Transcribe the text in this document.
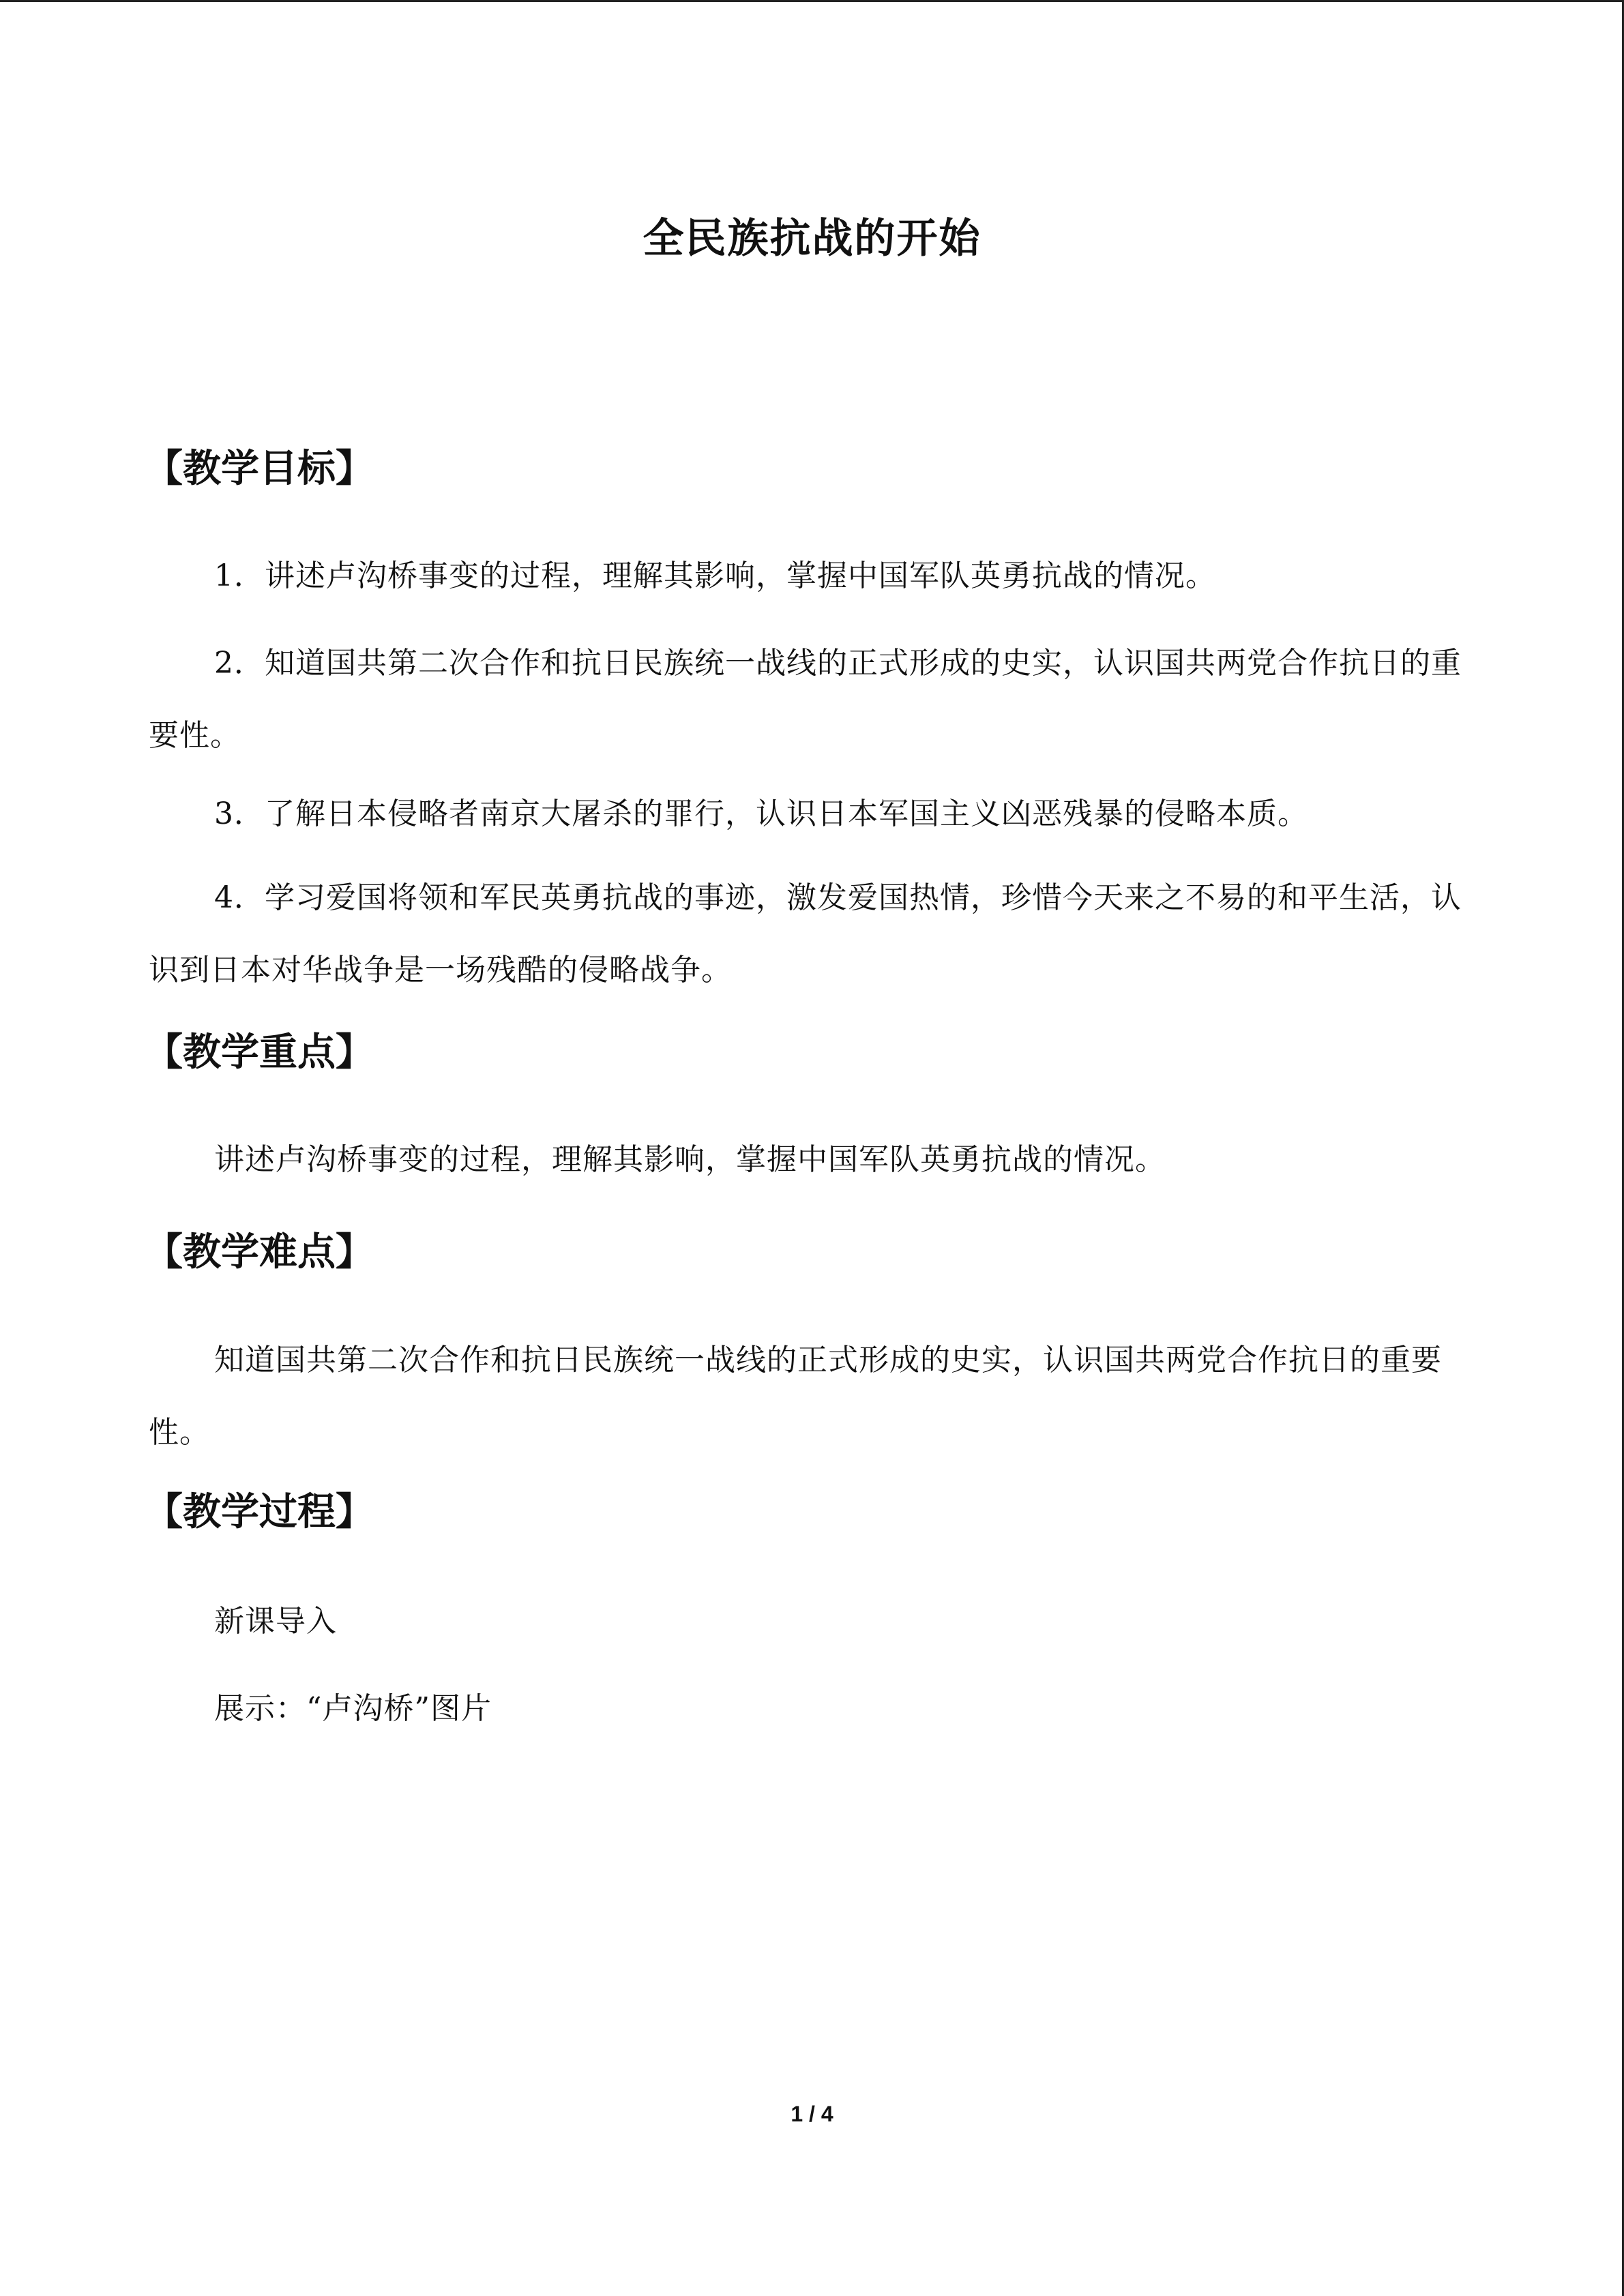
全民族抗战的开始
【教学目标】
1．讲述卢沟桥事变的过程，理解其影响，掌握中国军队英勇抗战的情况。
2．知道国共第二次合作和抗日民族统一战线的正式形成的史实，认识国共两党合作抗日的重要性。
3．了解日本侵略者南京大屠杀的罪行，认识日本军国主义凶恶残暴的侵略本质。
4．学习爱国将领和军民英勇抗战的事迹，激发爱国热情，珍惜今天来之不易的和平生活，认识到日本对华战争是一场残酷的侵略战争。
【教学重点】
讲述卢沟桥事变的过程，理解其影响，掌握中国军队英勇抗战的情况。
【教学难点】
知道国共第二次合作和抗日民族统一战线的正式形成的史实，认识国共两党合作抗日的重要性。
【教学过程】
新课导入
展示：“卢沟桥”图片
1 / 4
